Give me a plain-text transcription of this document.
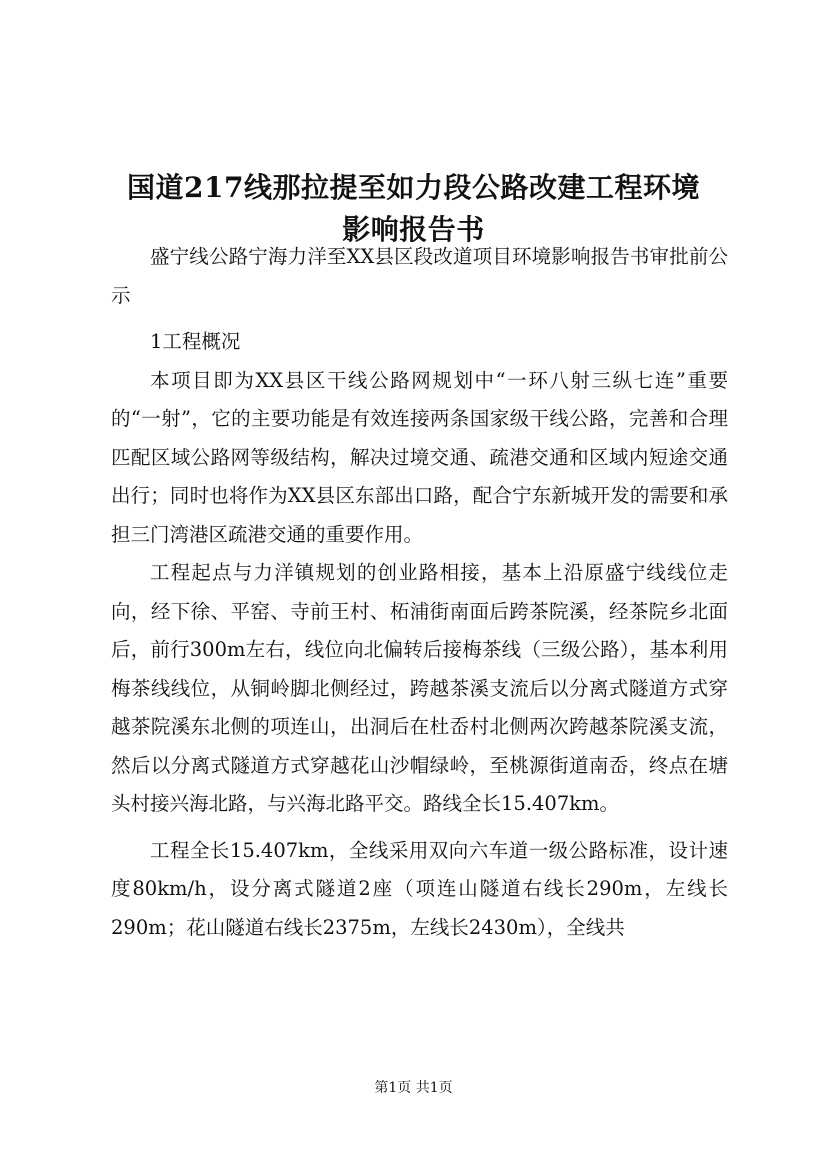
国道217线那拉提至如力段公路改建工程环境
影响报告书

盛宁线公路宁海力洋至XX县区段改道项目环境影响报告书审批前公示

1工程概况

本项目即为XX县区干线公路网规划中“一环八射三纵七连”重要的“一射”，它的主要功能是有效连接两条国家级干线公路，完善和合理匹配区域公路网等级结构，解决过境交通、疏港交通和区域内短途交通出行；同时也将作为XX县区东部出口路，配合宁东新城开发的需要和承担三门湾港区疏港交通的重要作用。

工程起点与力洋镇规划的创业路相接，基本上沿原盛宁线线位走向，经下徐、平窑、寺前王村、柘浦街南面后跨茶院溪，经茶院乡北面后，前行300m左右，线位向北偏转后接梅茶线（三级公路），基本利用梅茶线线位，从铜岭脚北侧经过，跨越茶溪支流后以分离式隧道方式穿越茶院溪东北侧的项连山，出洞后在杜岙村北侧两次跨越茶院溪支流，然后以分离式隧道方式穿越花山沙帽绿岭，至桃源街道南岙，终点在塘头村接兴海北路，与兴海北路平交。路线全长15.407km。

工程全长15.407km，全线采用双向六车道一级公路标准，设计速度80km/h，设分离式隧道2座（项连山隧道右线长290m，左线长290m；花山隧道右线长2375m，左线长2430m），全线共

第1页 共1页
